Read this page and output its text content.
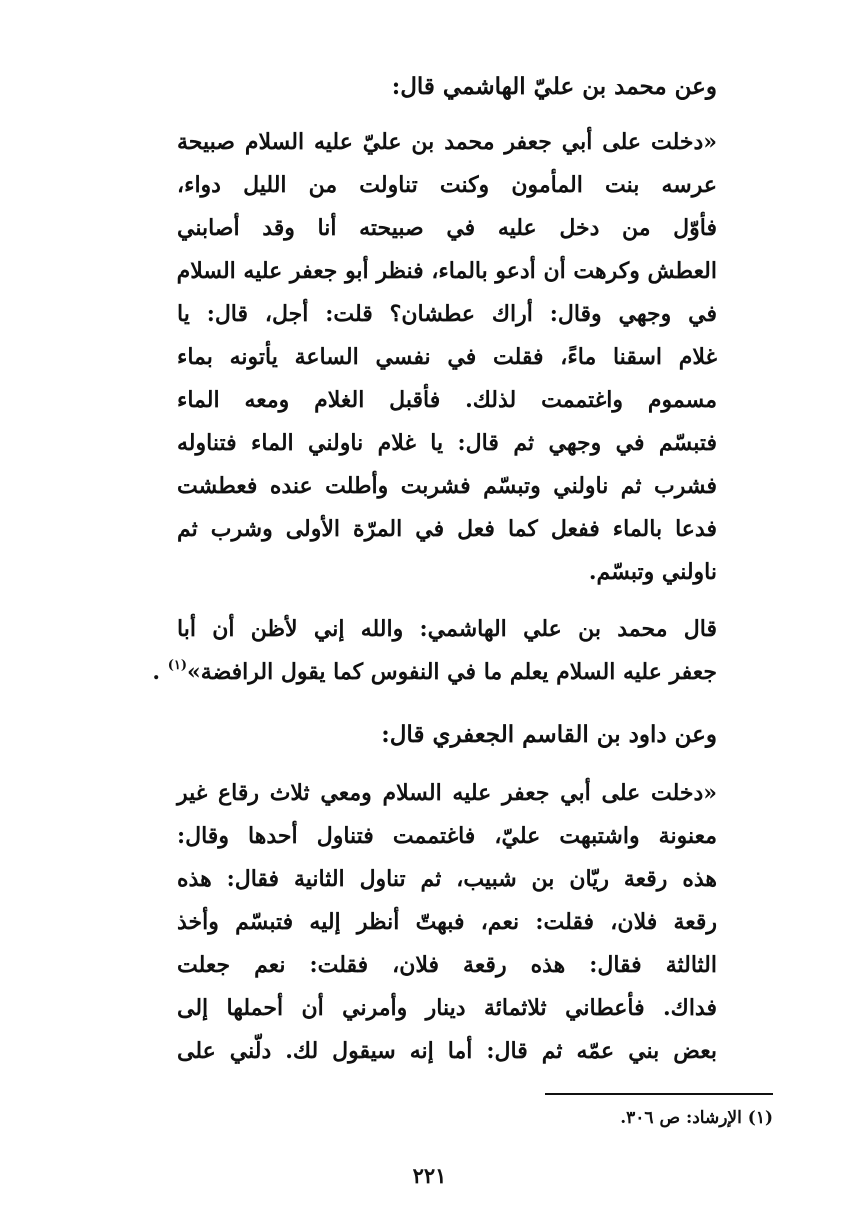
وعن محمد بن عليّ الهاشمي قال:
«دخلت على أبي جعفر محمد بن عليّ عليه السلام صبيحة
عرسه بنت المأمون وكنت تناولت من الليل دواء،
فأوّل من دخل عليه في صبيحته أنا وقد أصابني
العطش وكرهت أن أدعو بالماء، فنظر أبو جعفر عليه السلام
في وجهي وقال: أراك عطشان؟ قلت: أجل، قال: يا
غلام اسقنا ماءً، فقلت في نفسي الساعة يأتونه بماء
مسموم واغتممت لذلك. فأقبل الغلام ومعه الماء
فتبسّم في وجهي ثم قال: يا غلام ناولني الماء فتناوله
فشرب ثم ناولني وتبسّم فشربت وأطلت عنده فعطشت
فدعا بالماء ففعل كما فعل في المرّة الأولى وشرب ثم
ناولني وتبسّم.
قال محمد بن علي الهاشمي: والله إني لأظن أن أبا
جعفر عليه السلام يعلم ما في النفوس كما يقول الرافضة»$^{(١)}$ .
وعن داود بن القاسم الجعفري قال:
«دخلت على أبي جعفر عليه السلام ومعي ثلاث رقاع غير
معنونة واشتبهت عليّ، فاغتممت فتناول أحدها وقال:
هذه رقعة ريّان بن شبيب، ثم تناول الثانية فقال: هذه
رقعة فلان، فقلت: نعم، فبهتّ أنظر إليه فتبسّم وأخذ
الثالثة فقال: هذه رقعة فلان، فقلت: نعم جعلت
فداك. فأعطاني ثلاثمائة دينار وأمرني أن أحملها إلى
بعض بني عمّه ثم قال: أما إنه سيقول لك. دلّني على
(١) الإرشاد: ص ٣٠٦.
٢٢١
